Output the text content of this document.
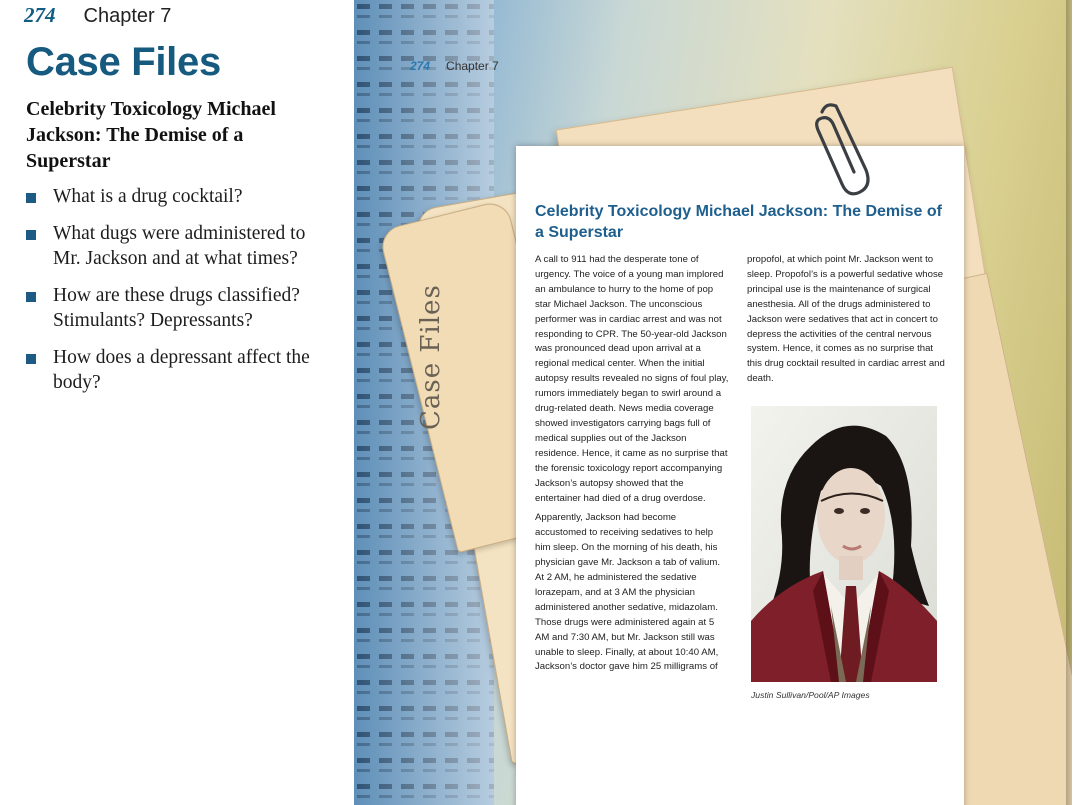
274 Chapter 7
Case Files
Celebrity Toxicology Michael Jackson: The Demise of a Superstar
What is a drug cocktail?
What dugs were administered to Mr. Jackson and at what times?
How are these drugs classified? Stimulants? Depressants?
How does a depressant affect the body?
274 Chapter 7
Case Files
Celebrity Toxicology Michael Jackson: The Demise of a Superstar

A call to 911 had the desperate tone of urgency. The voice of a young man implored an ambulance to hurry to the home of pop star Michael Jackson. The unconscious performer was in cardiac arrest and was not responding to CPR. The 50-year-old Jackson was pronounced dead upon arrival at a regional medical center. When the initial autopsy results revealed no signs of foul play, rumors immediately began to swirl around a drug-related death. News media coverage showed investigators carrying bags full of medical supplies out of the Jackson residence. Hence, it came as no surprise that the forensic toxicology report accompanying Jackson’s autopsy showed that the entertainer had died of a drug overdose.

Apparently, Jackson had become accustomed to receiving sedatives to help him sleep. On the morning of his death, his physician gave Mr. Jackson a tab of valium. At 2 AM, he administered the sedative lorazepam, and at 3 AM the physician administered another sedative, midazolam. Those drugs were administered again at 5 AM and 7:30 AM, but Mr. Jackson still was unable to sleep. Finally, at about 10:40 AM, Jackson’s doctor gave him 25 milligrams of

propofol, at which point Mr. Jackson went to sleep. Propofol’s is a powerful sedative whose principal use is the maintenance of surgical anesthesia. All of the drugs administered to Jackson were sedatives that act in concert to depress the activities of the central nervous system. Hence, it comes as no surprise that this drug cocktail resulted in cardiac arrest and death.

Justin Sullivan/Pool/AP Images
